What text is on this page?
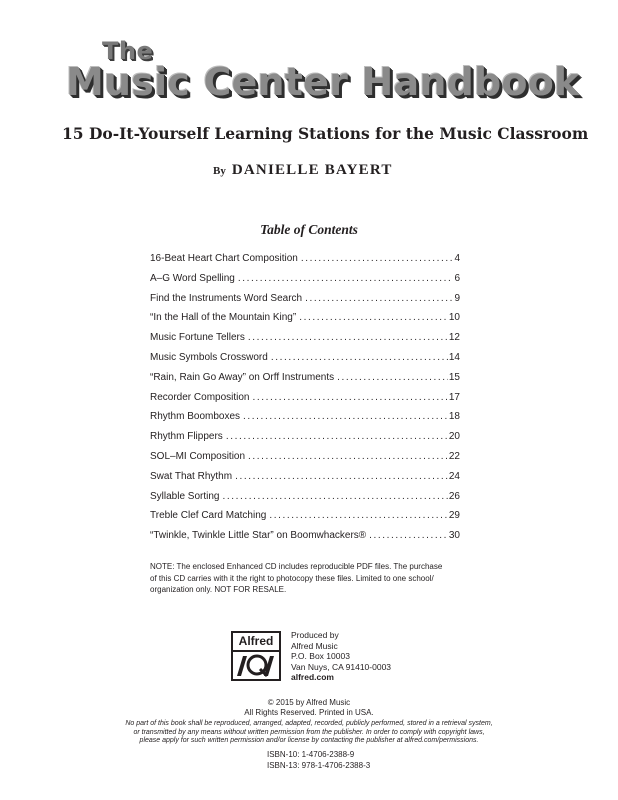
The
Music Center Handbook
15 Do-It-Yourself Learning Stations for the Music Classroom
By DANIELLE BAYERT
Table of Contents
16-Beat Heart Chart Composition .....	4
A–G Word Spelling .....	6
Find the Instruments Word Search .....	9
“In the Hall of the Mountain King” .....	10
Music Fortune Tellers .....	12
Music Symbols Crossword .....	14
“Rain, Rain Go Away” on Orff Instruments .....	15
Recorder Composition .....	17
Rhythm Boomboxes .....	18
Rhythm Flippers .....	20
SOL–MI Composition .....	22
Swat That Rhythm .....	24
Syllable Sorting .....	26
Treble Clef Card Matching .....	29
“Twinkle, Twinkle Little Star” on Boomwhackers® .....	30

NOTE: The enclosed Enhanced CD includes reproducible PDF files. The purchase
of this CD carries with it the right to photocopy these files. Limited to one school/
organization only. NOT FOR RESALE.

Alfred	Produced by
Alfred Music
P.O. Box 10003
Van Nuys, CA 91410-0003
alfred.com
© 2015 by Alfred Music
All Rights Reserved. Printed in USA.

No part of this book shall be reproduced, arranged, adapted, recorded, publicly performed, stored in a retrieval system,
or transmitted by any means without written permission from the publisher. In order to comply with copyright laws,
please apply for such written permission and/or license by contacting the publisher at alfred.com/permissions.

ISBN-10: 1-4706-2388-9
ISBN-13: 978-1-4706-2388-3
